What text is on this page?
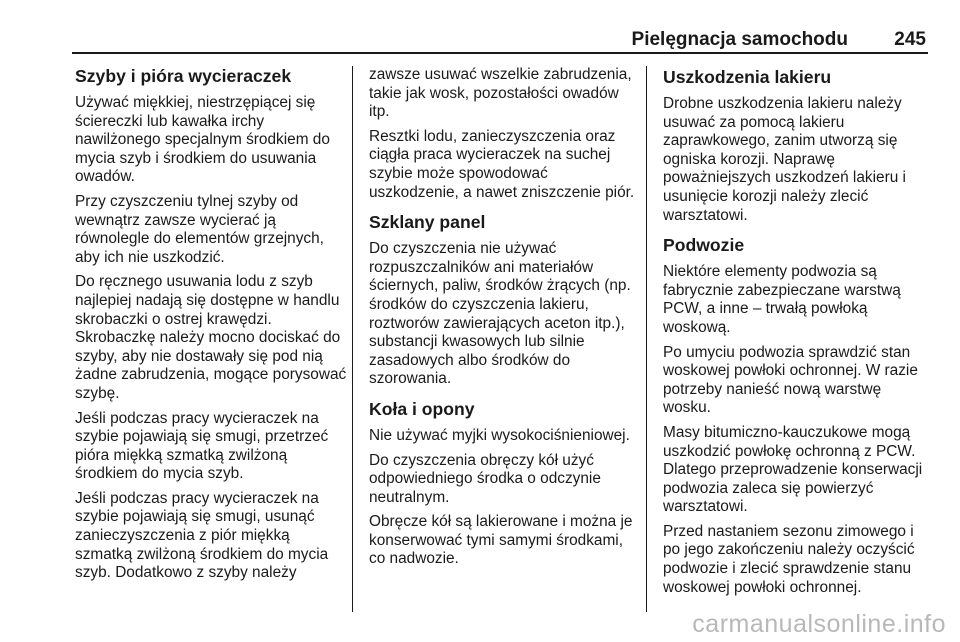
Pielęgnacja samochodu 245
Szyby i pióra wycieraczek

Używać miękkiej, niestrzępiącej się ściereczki lub kawałka irchy nawilżonego specjalnym środkiem do mycia szyb i środkiem do usuwania owadów.

Przy czyszczeniu tylnej szyby od wewnątrz zawsze wycierać ją równolegle do elementów grzejnych, aby ich nie uszkodzić.

Do ręcznego usuwania lodu z szyb najlepiej nadają się dostępne w handlu skrobaczki o ostrej krawędzi. Skrobaczkę należy mocno dociskać do szyby, aby nie dostawały się pod nią żadne zabrudzenia, mogące porysować szybę.

Jeśli podczas pracy wycieraczek na szybie pojawiają się smugi, przetrzeć pióra miękką szmatką zwilżoną środkiem do mycia szyb.

Jeśli podczas pracy wycieraczek na szybie pojawiają się smugi, usunąć zanieczyszczenia z piór miękką szmatką zwilżoną środkiem do mycia szyb. Dodatkowo z szyby należy

zawsze usuwać wszelkie zabrudzenia, takie jak wosk, pozostałości owadów itp.

Resztki lodu, zanieczyszczenia oraz ciągła praca wycieraczek na suchej szybie może spowodować uszkodzenie, a nawet zniszczenie piór.

Szklany panel

Do czyszczenia nie używać rozpuszczalników ani materiałów ściernych, paliw, środków żrących (np. środków do czyszczenia lakieru, roztworów zawierających aceton itp.), substancji kwasowych lub silnie zasadowych albo środków do szorowania.

Koła i opony

Nie używać myjki wysokociśnieniowej.

Do czyszczenia obręczy kół użyć odpowiedniego środka o odczynie neutralnym.

Obręcze kół są lakierowane i można je konserwować tymi samymi środkami, co nadwozie.

Uszkodzenia lakieru

Drobne uszkodzenia lakieru należy usuwać za pomocą lakieru zaprawkowego, zanim utworzą się ogniska korozji. Naprawę poważniejszych uszkodzeń lakieru i usunięcie korozji należy zlecić warsztatowi.

Podwozie

Niektóre elementy podwozia są fabrycznie zabezpieczane warstwą PCW, a inne – trwałą powłoką woskową.

Po umyciu podwozia sprawdzić stan woskowej powłoki ochronnej. W razie potrzeby nanieść nową warstwę wosku.

Masy bitumiczno-kauczukowe mogą uszkodzić powłokę ochronną z PCW. Dlatego przeprowadzenie konserwacji podwozia zaleca się powierzyć warsztatowi.

Przed nastaniem sezonu zimowego i po jego zakończeniu należy oczyścić podwozie i zlecić sprawdzenie stanu woskowej powłoki ochronnej.

carmanualsonline.info
